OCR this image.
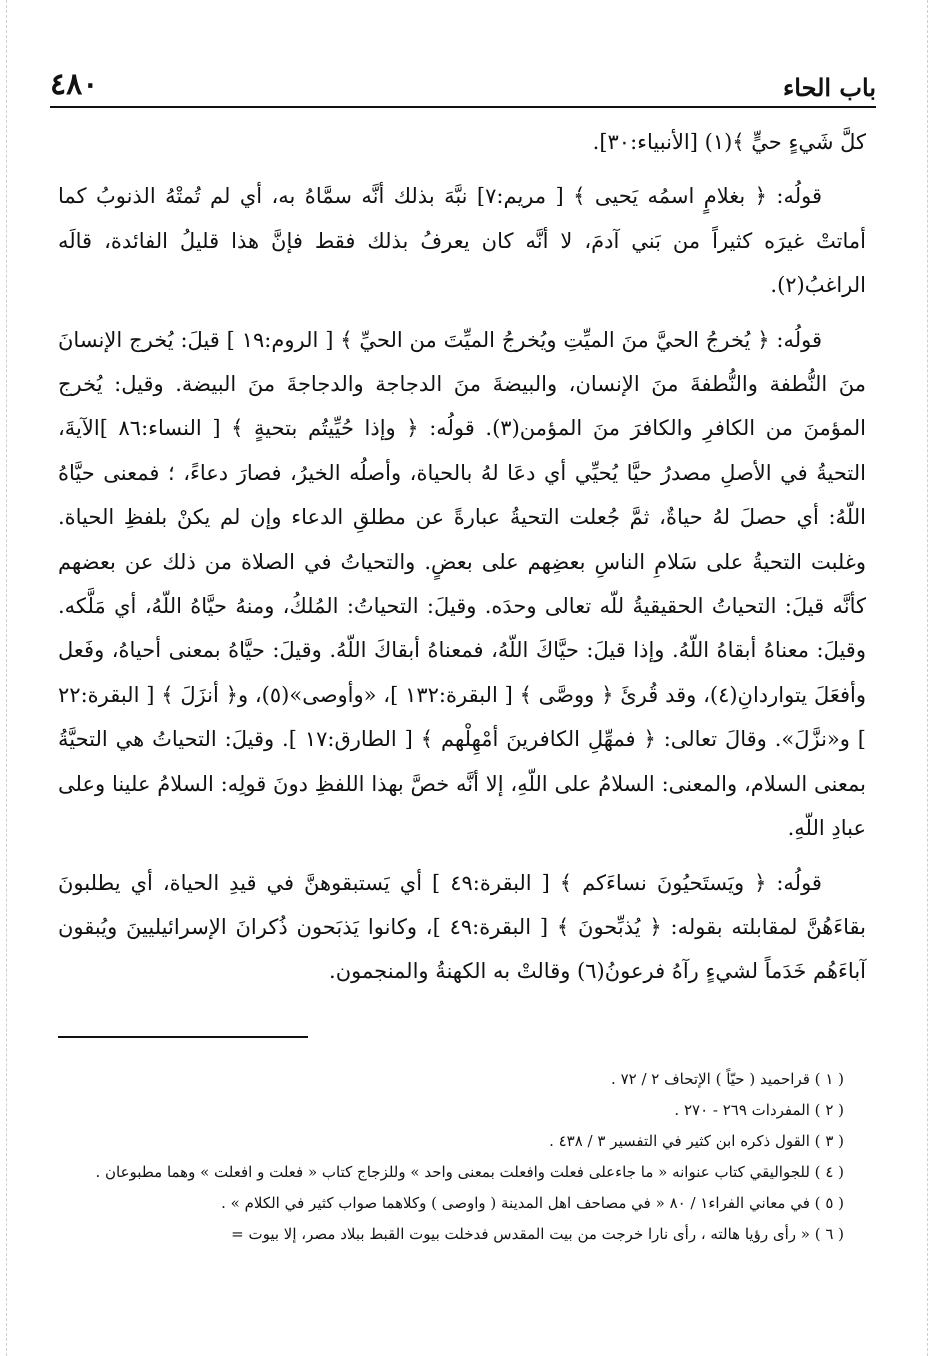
باب الحاء
٤٨٠

كلَّ شَيءٍ حيٍّ ﴾(١) [الأنبياء:٣٠].

قولُه: ﴿ بغلامٍ اسمُه يَحيى ﴾ [ مريم:٧] نبَّهَ بذلك أنَّه سمَّاهُ به، أي لم تُمتْهُ الذنوبُ كما أماتتْ غيرَه كثيراً من بَني آدمَ، لا أنَّه كان يعرفُ بذلك فقط فإنَّ هذا قليلُ الفائدة، قالَه الراغبُ(٢).

قولُه: ﴿ يُخرجُ الحيَّ منَ الميِّتِ ويُخرجُ الميِّتَ من الحيِّ ﴾ [ الروم:١٩ ] قيلَ: يُخرج الإنسانَ منَ النُّطفة والنُّطفةَ منَ الإنسان، والبيضةَ منَ الدجاجة والدجاجةَ منَ البيضة. وقيل: يُخرج المؤمنَ من الكافرِ والكافرَ منَ المؤمن(٣). قولُه: ﴿ وإذا حُيِّيتُم بتحيةٍ ﴾ [ النساء:٨٦ ]الآيةَ، التحيةُ في الأصلِ مصدرُ حيَّا يُحيِّي أي دعَا لهُ بالحياة، وأصلُه الخيرُ، فصارَ دعاءً، ؛ فمعنى حيَّاهُ اللّهُ: أي حصلَ لهُ حياةٌ، ثمَّ جُعلت التحيةُ عبارةً عن مطلقِ الدعاء وإن لم يكنْ بلفظِ الحياة. وغلبت التحيةُ على سَلامِ الناسِ بعضِهم على بعضٍ. والتحياتُ في الصلاة من ذلك عن بعضهم كأنَّه قيلَ: التحياتُ الحقيقيةُ للّه تعالى وحدَه. وقيلَ: التحياتُ: المُلكُ، ومنهُ حيَّاهُ اللّهُ، أي مَلَّكه. وقيلَ: معناهُ أبقاهُ اللّهُ. وإذا قيلَ: حيَّاكَ اللّهُ، فمعناهُ أبقاكَ اللّهُ. وقيلَ: حيَّاهُ بمعنى أحياهُ، وفَعل وأفعَلَ يتواردانِ(٤)، وقد قُرئَ ﴿ ووصَّى ﴾ [ البقرة:١٣٢ ]، «وأوصى»(٥)، و﴿ أنزَلَ ﴾ [ البقرة:٢٢ ] و«نزَّلَ». وقالَ تعالى: ﴿ فمهِّلِ الكافرينَ أمْهِلْهم ﴾ [ الطارق:١٧ ]. وقيلَ: التحياتُ هي التحيَّةُ بمعنى السلام، والمعنى: السلامُ على اللّهِ، إلا أنَّه خصَّ بهذا اللفظِ دونَ قولِه: السلامُ علينا وعلى عبادِ اللّهِ.

قولُه: ﴿ ويَستَحيُونَ نساءَكم ﴾ [ البقرة:٤٩ ] أي يَستبقوهنَّ في قيدِ الحياة، أي يطلبونَ بقاءَهُنَّ لمقابلته بقوله: ﴿ يُذبِّحونَ ﴾ [ البقرة:٤٩ ]، وكانوا يَذبَحون ذُكرانَ الإسرائيليينَ ويُبقون آباءَهُم خَدَماً لشيءٍ رآهُ فرعونُ(٦) وقالتْ به الكهنةُ والمنجمون.

( ١ ) قراحميد ( حيّاً ) الإتحاف ٢ / ٧٢ .
( ٢ ) المفردات ٢٦٩ - ٢٧٠ .
( ٣ ) القول ذكره ابن كثير في التفسير ٣ / ٤٣٨ .
( ٤ ) للجواليقي كتاب عنوانه « ما جاءعلى فعلت وافعلت بمعنى واحد » وللزجاج كتاب « فعلت و افعلت » وهما مطبوعان .
( ٥ ) في معاني الفراء١ / ٨٠ « في مصاحف اهل المدينة ( واوصى ) وكلاهما صواب كثير في الكلام » .
( ٦ ) « رأى رؤيا هالته ، رأى نارا خرجت من بيت المقدس فدخلت بيوت القبط ببلاد مصر، إلا بيوت =
